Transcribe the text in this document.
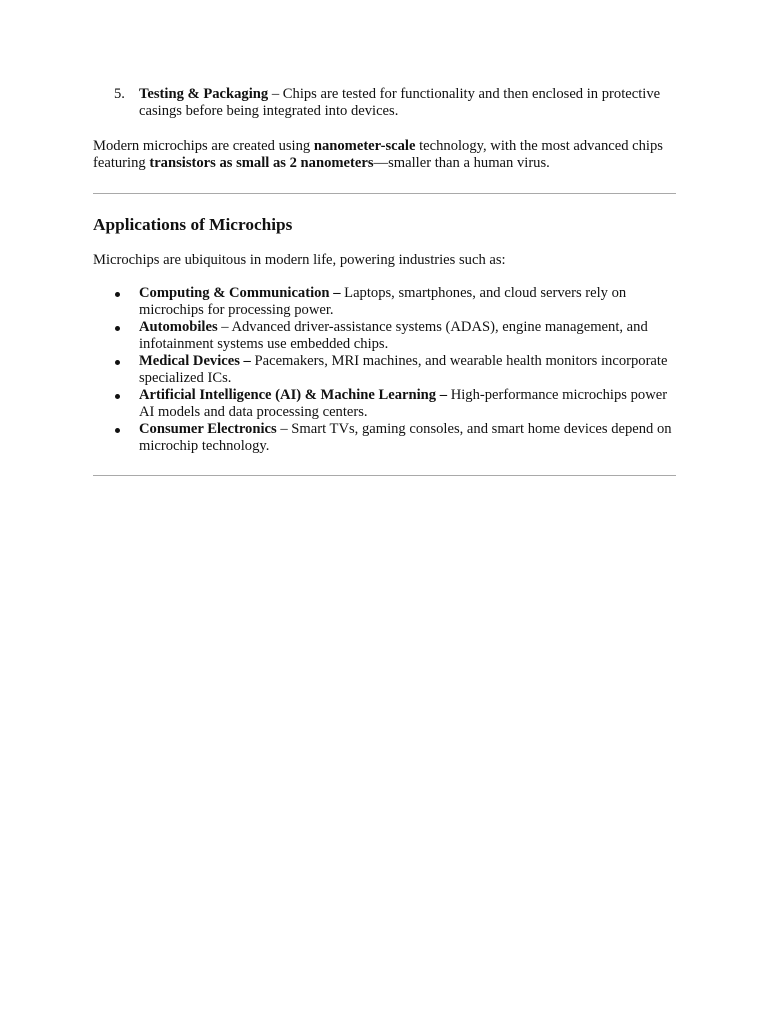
5. Testing & Packaging – Chips are tested for functionality and then enclosed in protective casings before being integrated into devices.

Modern microchips are created using nanometer-scale technology, with the most advanced chips featuring transistors as small as 2 nanometers—smaller than a human virus.

Applications of Microchips

Microchips are ubiquitous in modern life, powering industries such as:

Computing & Communication – Laptops, smartphones, and cloud servers rely on microchips for processing power.
Automobiles – Advanced driver-assistance systems (ADAS), engine management, and infotainment systems use embedded chips.
Medical Devices – Pacemakers, MRI machines, and wearable health monitors incorporate specialized ICs.
Artificial Intelligence (AI) & Machine Learning – High-performance microchips power AI models and data processing centers.
Consumer Electronics – Smart TVs, gaming consoles, and smart home devices depend on microchip technology.
